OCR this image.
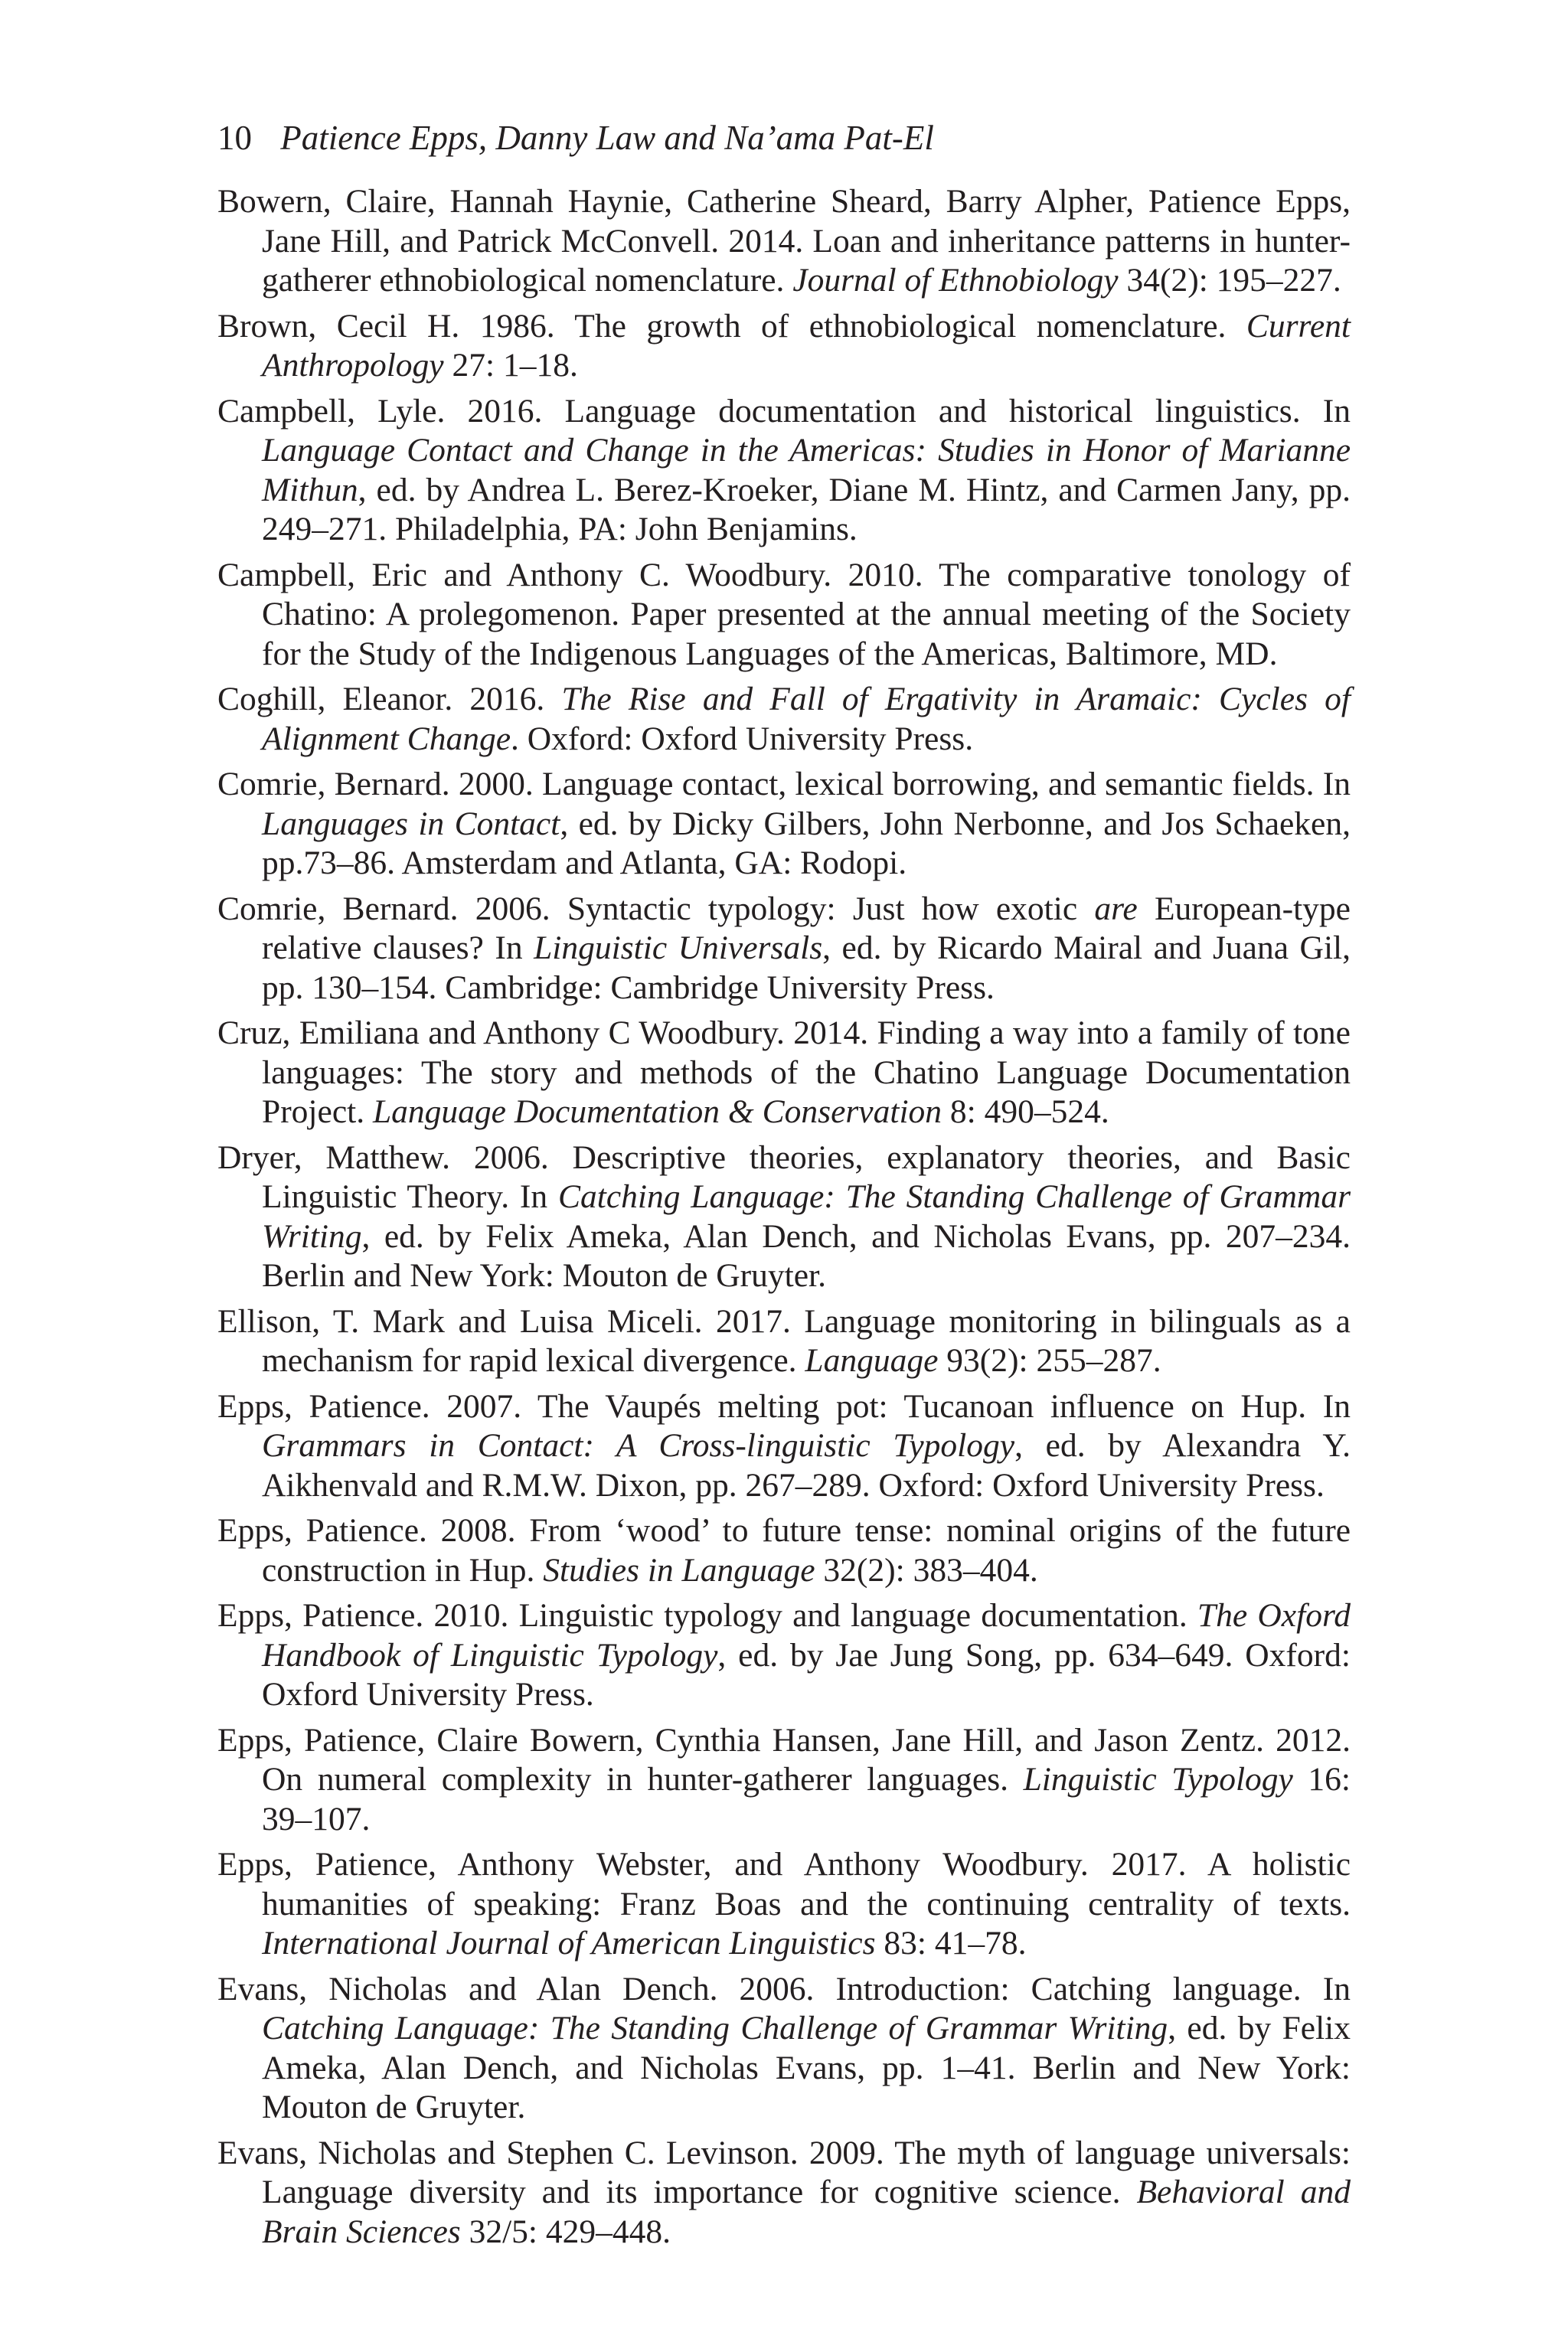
10 Patience Epps, Danny Law and Na’ama Pat-El
Bowern, Claire, Hannah Haynie, Catherine Sheard, Barry Alpher, Patience Epps, Jane Hill, and Patrick McConvell. 2014. Loan and inheritance patterns in hunter-gatherer ethnobiological nomenclature. Journal of Ethnobiology 34(2): 195–227.
Brown, Cecil H. 1986. The growth of ethnobiological nomenclature. Current Anthropology 27: 1–18.
Campbell, Lyle. 2016. Language documentation and historical linguistics. In Language Contact and Change in the Americas: Studies in Honor of Marianne Mithun, ed. by Andrea L. Berez-Kroeker, Diane M. Hintz, and Carmen Jany, pp. 249–271. Philadelphia, PA: John Benjamins.
Campbell, Eric and Anthony C. Woodbury. 2010. The comparative tonology of Chatino: A prolegomenon. Paper presented at the annual meeting of the Society for the Study of the Indigenous Languages of the Americas, Baltimore, MD.
Coghill, Eleanor. 2016. The Rise and Fall of Ergativity in Aramaic: Cycles of Alignment Change. Oxford: Oxford University Press.
Comrie, Bernard. 2000. Language contact, lexical borrowing, and semantic fields. In Languages in Contact, ed. by Dicky Gilbers, John Nerbonne, and Jos Schaeken, pp.73–86. Amsterdam and Atlanta, GA: Rodopi.
Comrie, Bernard. 2006. Syntactic typology: Just how exotic are European-type relative clauses? In Linguistic Universals, ed. by Ricardo Mairal and Juana Gil, pp. 130–154. Cambridge: Cambridge University Press.
Cruz, Emiliana and Anthony C Woodbury. 2014. Finding a way into a family of tone languages: The story and methods of the Chatino Language Documentation Project. Language Documentation & Conservation 8: 490–524.
Dryer, Matthew. 2006. Descriptive theories, explanatory theories, and Basic Linguistic Theory. In Catching Language: The Standing Challenge of Grammar Writing, ed. by Felix Ameka, Alan Dench, and Nicholas Evans, pp. 207–234. Berlin and New York: Mouton de Gruyter.
Ellison, T. Mark and Luisa Miceli. 2017. Language monitoring in bilinguals as a mechanism for rapid lexical divergence. Language 93(2): 255–287.
Epps, Patience. 2007. The Vaupés melting pot: Tucanoan influence on Hup. In Grammars in Contact: A Cross-linguistic Typology, ed. by Alexandra Y. Aikhenvald and R.M.W. Dixon, pp. 267–289. Oxford: Oxford University Press.
Epps, Patience. 2008. From ‘wood’ to future tense: nominal origins of the future construction in Hup. Studies in Language 32(2): 383–404.
Epps, Patience. 2010. Linguistic typology and language documentation. The Oxford Handbook of Linguistic Typology, ed. by Jae Jung Song, pp. 634–649. Oxford: Oxford University Press.
Epps, Patience, Claire Bowern, Cynthia Hansen, Jane Hill, and Jason Zentz. 2012. On numeral complexity in hunter-gatherer languages. Linguistic Typology 16: 39–107.
Epps, Patience, Anthony Webster, and Anthony Woodbury. 2017. A holistic humanities of speaking: Franz Boas and the continuing centrality of texts. International Journal of American Linguistics 83: 41–78.
Evans, Nicholas and Alan Dench. 2006. Introduction: Catching language. In Catching Language: The Standing Challenge of Grammar Writing, ed. by Felix Ameka, Alan Dench, and Nicholas Evans, pp. 1–41. Berlin and New York: Mouton de Gruyter.
Evans, Nicholas and Stephen C. Levinson. 2009. The myth of language universals: Language diversity and its importance for cognitive science. Behavioral and Brain Sciences 32/5: 429–448.
